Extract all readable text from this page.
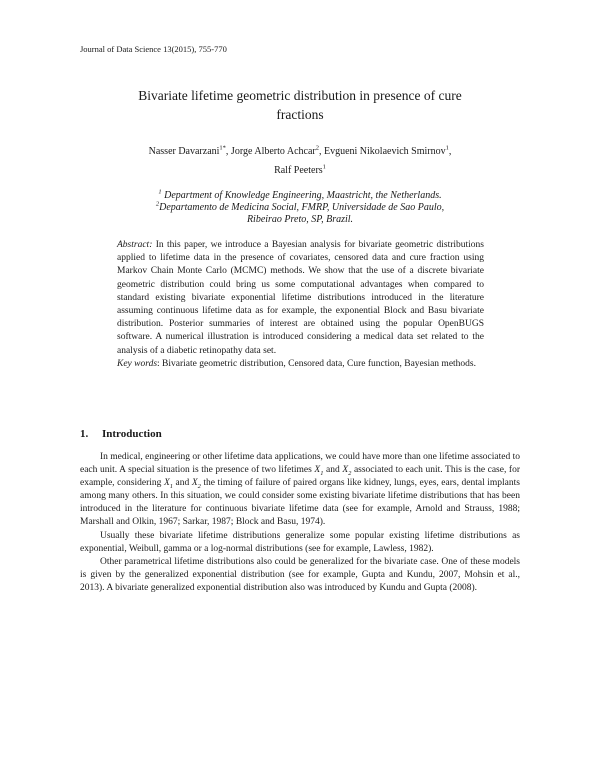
Journal of Data Science 13(2015), 755-770
Bivariate lifetime geometric distribution in presence of cure
fractions
Nasser Davarzani$^{1*}$, Jorge Alberto Achcar$^2$, Evgueni Nikolaevich Smirnov$^1$,
Ralf Peeters$^1$
$^1$ Department of Knowledge Engineering, Maastricht, the Netherlands.
$^2$Departamento de Medicina Social, FMRP, Universidade de Sao Paulo,
Ribeirao Preto, SP, Brazil.

Abstract: In this paper, we introduce a Bayesian analysis for bivariate geometric distributions applied to lifetime data in the presence of covariates, censored data and cure fraction using Markov Chain Monte Carlo (MCMC) methods. We show that the use of a discrete bivariate geometric distribution could bring us some computational advantages when compared to standard existing bivariate exponential lifetime distributions introduced in the literature assuming continuous lifetime data as for example, the exponential Block and Basu bivariate distribution. Posterior summaries of interest are obtained using the popular OpenBUGS software. A numerical illustration is introduced considering a medical data set related to the analysis of a diabetic retinopathy data set.

Key words: Bivariate geometric distribution, Censored data, Cure function, Bayesian methods.

1. Introduction

In medical, engineering or other lifetime data applications, we could have more than one lifetime associated to each unit. A special situation is the presence of two lifetimes $X_1$ and $X_2$ associated to each unit. This is the case, for example, considering $X_1$ and $X_2$ the timing of failure of paired organs like kidney, lungs, eyes, ears, dental implants among many others. In this situation, we could consider some existing bivariate lifetime distributions that has been introduced in the literature for continuous bivariate lifetime data (see for example, Arnold and Strauss, 1988; Marshall and Olkin, 1967; Sarkar, 1987; Block and Basu, 1974).

Usually these bivariate lifetime distributions generalize some popular existing lifetime distributions as exponential, Weibull, gamma or a log-normal distributions (see for example, Lawless, 1982).

Other parametrical lifetime distributions also could be generalized for the bivariate case. One of these models is given by the generalized exponential distribution (see for example, Gupta and Kundu, 2007, Mohsin et al., 2013). A bivariate generalized exponential distribution also was introduced by Kundu and Gupta (2008).
